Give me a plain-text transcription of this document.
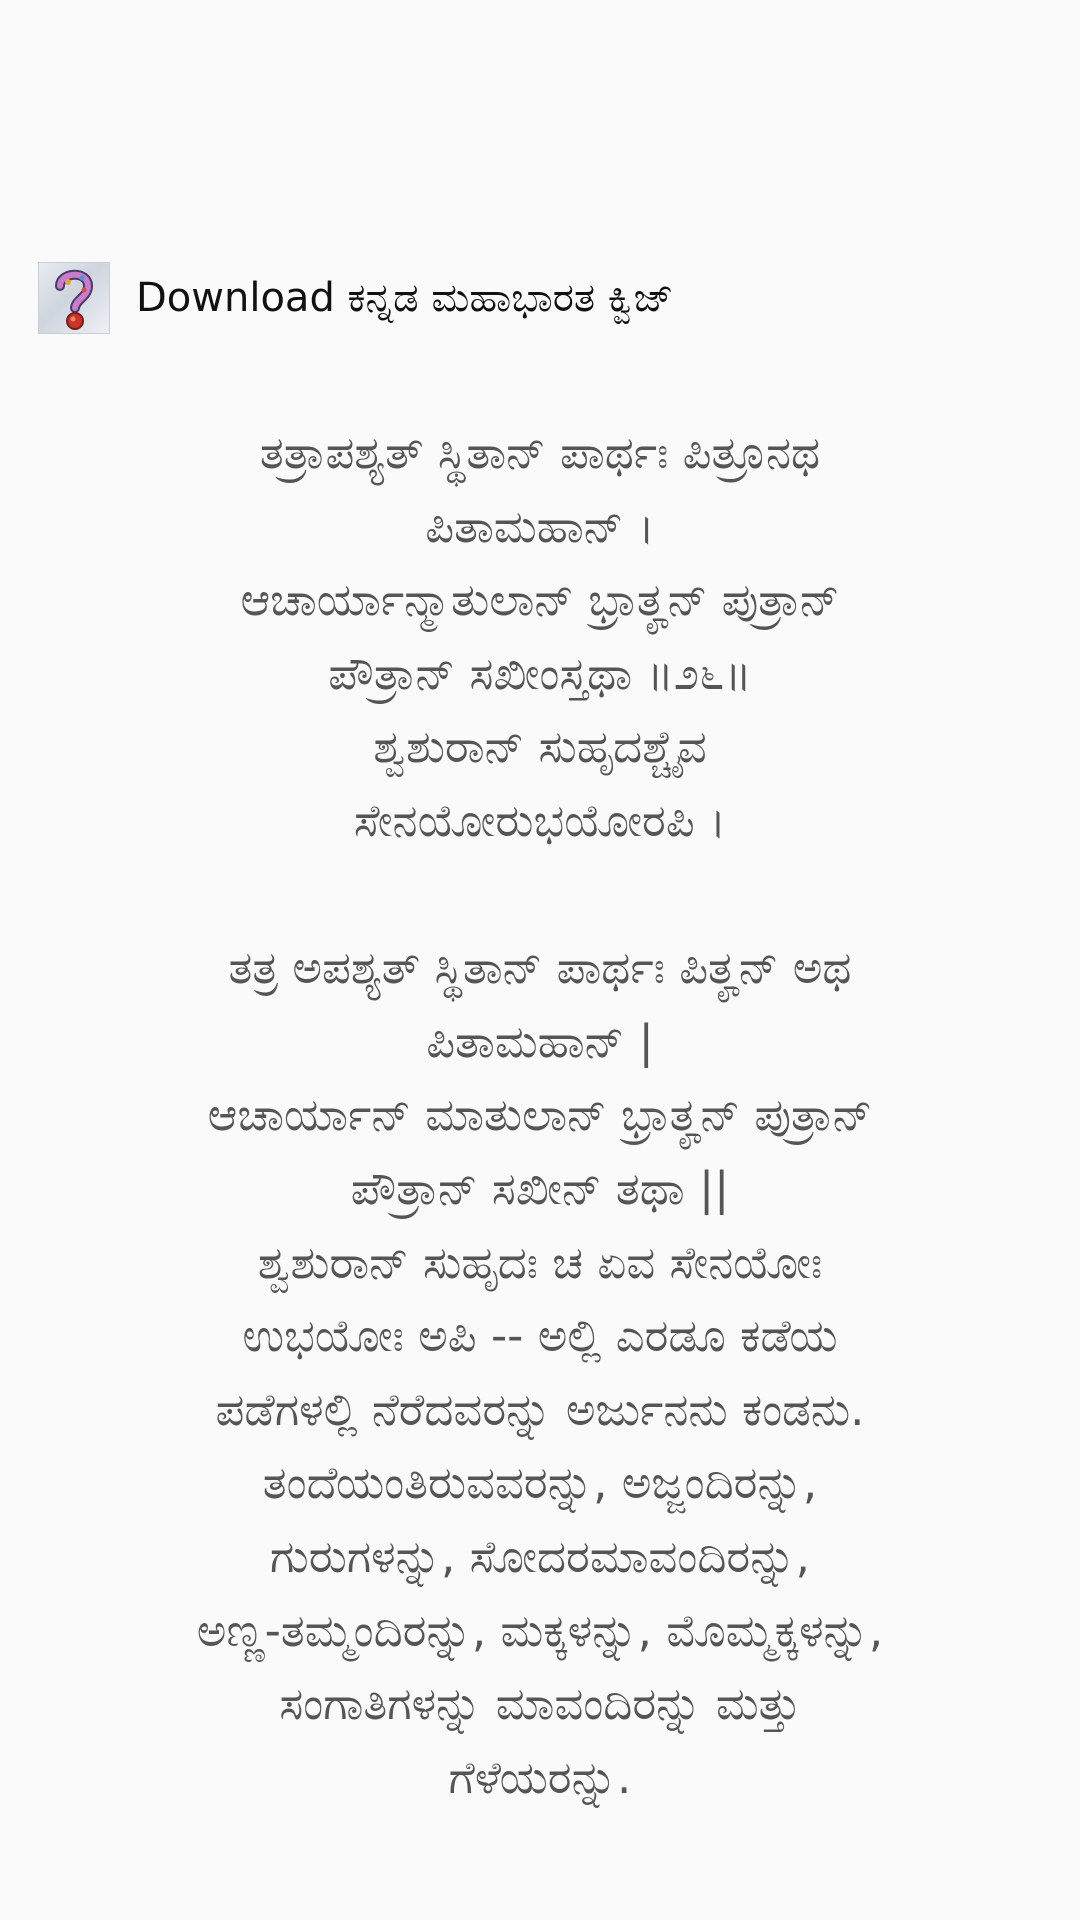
Download ಕನ್ನಡ ಮಹಾಭಾರತ ಕ್ವಿಜ್

ತತ್ರಾಪಶ್ಯತ್ ಸ್ಥಿತಾನ್ ಪಾರ್ಥಃ ಪಿತ್ರೂನಥ

ಪಿತಾಮಹಾನ್ ।

ಆಚಾರ್ಯಾನ್ಮಾತುಲಾನ್ ಭ್ರಾತೄನ್ ಪುತ್ರಾನ್

ಪೌತ್ರಾನ್ ಸಖೀಂಸ್ತಥಾ ॥೨೬॥

ಶ್ವಶುರಾನ್ ಸುಹೃದಶ್ಚೈವ

ಸೇನಯೋರುಭಯೋರಪಿ ।

ತತ್ರ ಅಪಶ್ಯತ್ ಸ್ಥಿತಾನ್ ಪಾರ್ಥಃ ಪಿತೄನ್ ಅಥ

ಪಿತಾಮಹಾನ್ |

ಆಚಾರ್ಯಾನ್ ಮಾತುಲಾನ್ ಭ್ರಾತೄನ್ ಪುತ್ರಾನ್

ಪೌತ್ರಾನ್ ಸಖೀನ್ ತಥಾ ||

ಶ್ವಶುರಾನ್ ಸುಹೃದಃ ಚ ಏವ ಸೇನಯೋಃ

ಉಭಯೋಃ ಅಪಿ -- ಅಲ್ಲಿ ಎರಡೂ ಕಡೆಯ

ಪಡೆಗಳಲ್ಲಿ ನೆರೆದವರನ್ನು ಅರ್ಜುನನು ಕಂಡನು.

ತಂದೆಯಂತಿರುವವರನ್ನು, ಅಜ್ಜಂದಿರನ್ನು,

ಗುರುಗಳನ್ನು, ಸೋದರಮಾವಂದಿರನ್ನು,

ಅಣ್ಣ-ತಮ್ಮಂದಿರನ್ನು, ಮಕ್ಕಳನ್ನು, ಮೊಮ್ಮಕ್ಕಳನ್ನು,

ಸಂಗಾತಿಗಳನ್ನು ಮಾವಂದಿರನ್ನು ಮತ್ತು

ಗೆಳೆಯರನ್ನು.
